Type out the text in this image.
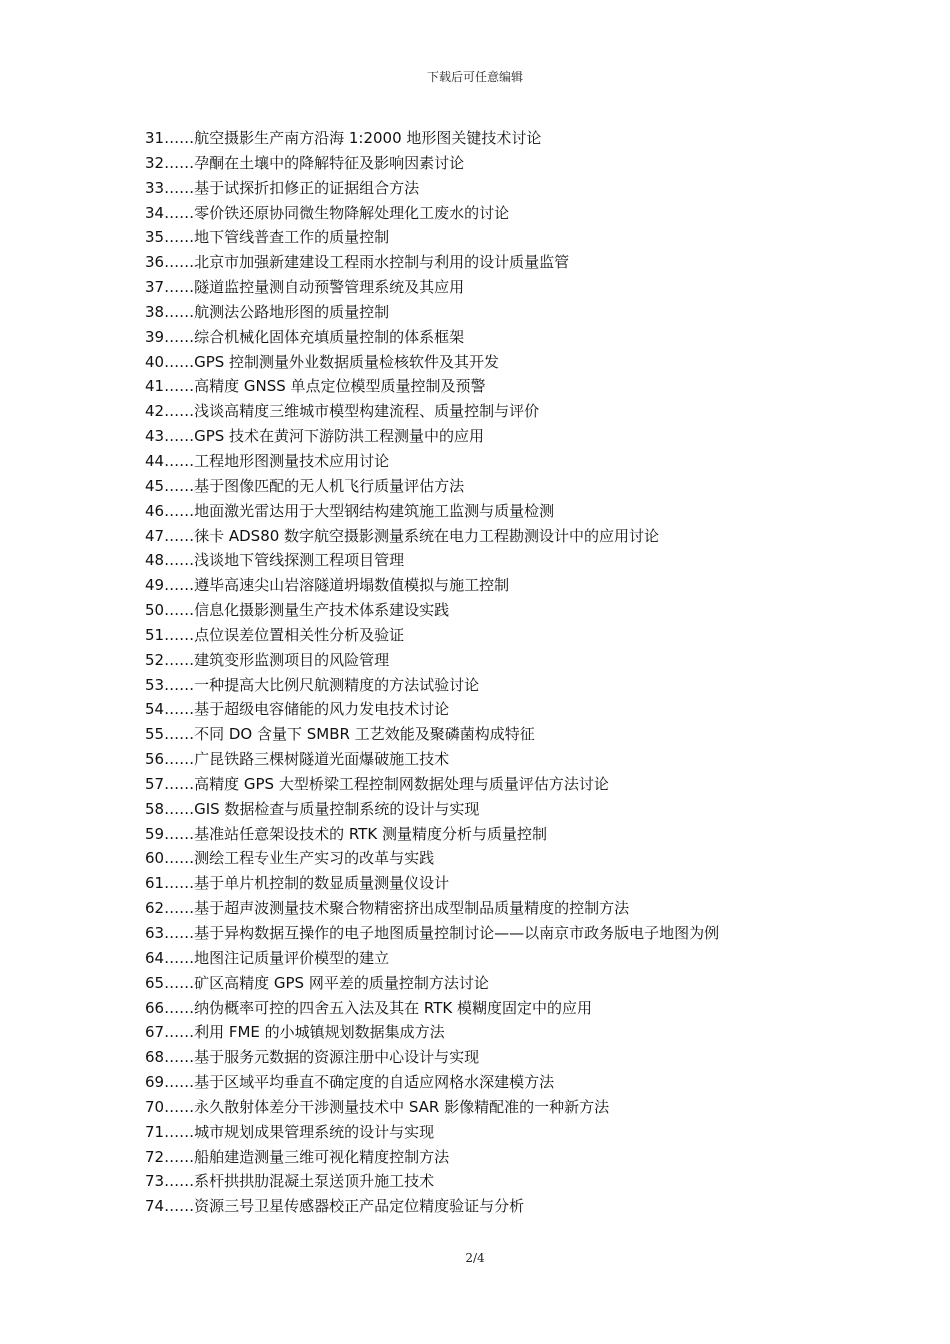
下载后可任意编辑
31……航空摄影生产南方沿海 1:2000 地形图关键技术讨论
32……孕酮在土壤中的降解特征及影响因素讨论
33……基于试探折扣修正的证据组合方法
34……零价铁还原协同微生物降解处理化工废水的讨论
35……地下管线普查工作的质量控制
36……北京市加强新建建设工程雨水控制与利用的设计质量监管
37……隧道监控量测自动预警管理系统及其应用
38……航测法公路地形图的质量控制
39……综合机械化固体充填质量控制的体系框架
40……GPS 控制测量外业数据质量检核软件及其开发
41……高精度 GNSS 单点定位模型质量控制及预警
42……浅谈高精度三维城市模型构建流程、质量控制与评价
43……GPS 技术在黄河下游防洪工程测量中的应用
44……工程地形图测量技术应用讨论
45……基于图像匹配的无人机飞行质量评估方法
46……地面激光雷达用于大型钢结构建筑施工监测与质量检测
47……徕卡 ADS80 数字航空摄影测量系统在电力工程勘测设计中的应用讨论
48……浅谈地下管线探测工程项目管理
49……遵毕高速尖山岩溶隧道坍塌数值模拟与施工控制
50……信息化摄影测量生产技术体系建设实践
51……点位误差位置相关性分析及验证
52……建筑变形监测项目的风险管理
53……一种提高大比例尺航测精度的方法试验讨论
54……基于超级电容储能的风力发电技术讨论
55……不同 DO 含量下 SMBR 工艺效能及聚磷菌构成特征
56……广昆铁路三棵树隧道光面爆破施工技术
57……高精度 GPS 大型桥梁工程控制网数据处理与质量评估方法讨论
58……GIS 数据检查与质量控制系统的设计与实现
59……基准站任意架设技术的 RTK 测量精度分析与质量控制
60……测绘工程专业生产实习的改革与实践
61……基于单片机控制的数显质量测量仪设计
62……基于超声波测量技术聚合物精密挤出成型制品质量精度的控制方法
63……基于异构数据互操作的电子地图质量控制讨论——以南京市政务版电子地图为例
64……地图注记质量评价模型的建立
65……矿区高精度 GPS 网平差的质量控制方法讨论
66……纳伪概率可控的四舍五入法及其在 RTK 模糊度固定中的应用
67……利用 FME 的小城镇规划数据集成方法
68……基于服务元数据的资源注册中心设计与实现
69……基于区域平均垂直不确定度的自适应网格水深建模方法
70……永久散射体差分干涉测量技术中 SAR 影像精配准的一种新方法
71……城市规划成果管理系统的设计与实现
72……船舶建造测量三维可视化精度控制方法
73……系杆拱拱肋混凝土泵送顶升施工技术
74……资源三号卫星传感器校正产品定位精度验证与分析
2/4
